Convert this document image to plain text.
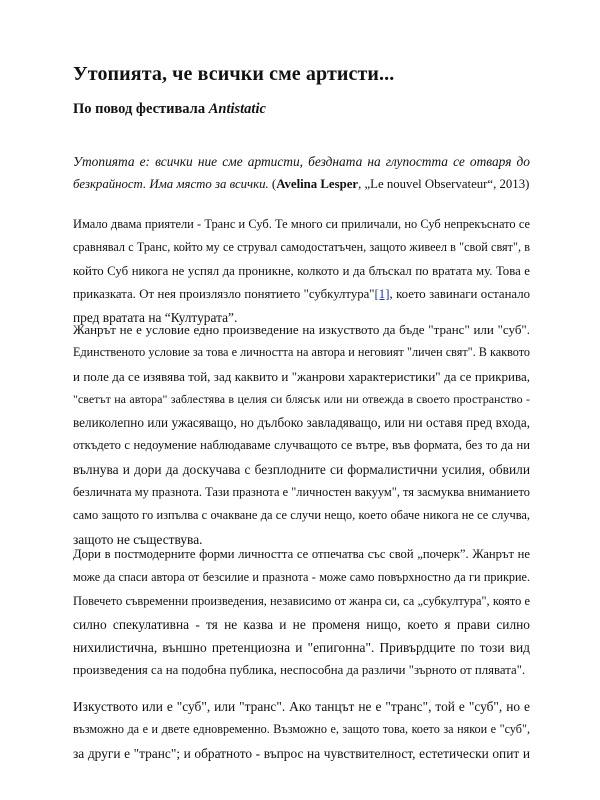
Утопията, че всички сме артисти...
По повод фестивала Antistatic

Утопията е: всички ние сме артисти, бездната на глупостта се отваря до
безкрайност. Има място за всички. (Avelina Lesper, „Le nouvel Observateur“, 2013)

Имало двама приятели - Транс и Суб. Те много си приличали, но Суб непрекъснато се
сравнявал с Транс, който му се струвал самодостатъчен, защото живеел в "свой свят", в
който Суб никога не успял да проникне, колкото и да блъскал по вратата му. Това е
приказката. От нея произлязло понятието "субкултура"[1], което завинаги останало
пред вратата на “Културата”.

Жанрът не е условие едно произведение на изкуството да бъде "транс" или "суб".
Единственото условие за това е личността на автора и неговият "личен свят". В каквото
и поле да се изявява той, зад каквито и "жанрови характеристики" да се прикрива,
"светът на автора" заблестява в целия си блясък или ни отвежда в своето пространство -
великолепно или ужасяващо, но дълбоко завладяващо, или ни оставя пред входа,
откъдето с недоумение наблюдаваме случващото се вътре, във формата, без то да ни
вълнува и дори да доскучава с безплодните си формалистични усилия, обвили
безличната му празнота. Тази празнота е "личностен вакуум", тя засмуква вниманието
само защото го изпълва с очакване да се случи нещо, което обаче никога не се случва,
защото не съществува.

Дори в постмодерните форми личността се отпечатва със свой „почерк”. Жанрът не
може да спаси автора от безсилие и празнота - може само повърхностно да ги прикрие.
Повечето съвременни произведения, независимо от жанра си, са „субкултура", която е
силно спекулативна - тя не казва и не променя нищо, което я прави силно
нихилистична, външно претенциозна и "епигонна". Привърдците по този вид
произведения са на подобна публика, неспособна да различи "зърното от плявата".

Изкуството или е "суб", или "транс". Ако танцът не е "транс", той е "суб", но е
възможно да е и двете едновременно. Възможно е, защото това, което за някои е "суб",
за други е "транс"; и обратното - въпрос на чувствителност, естетически опит и
